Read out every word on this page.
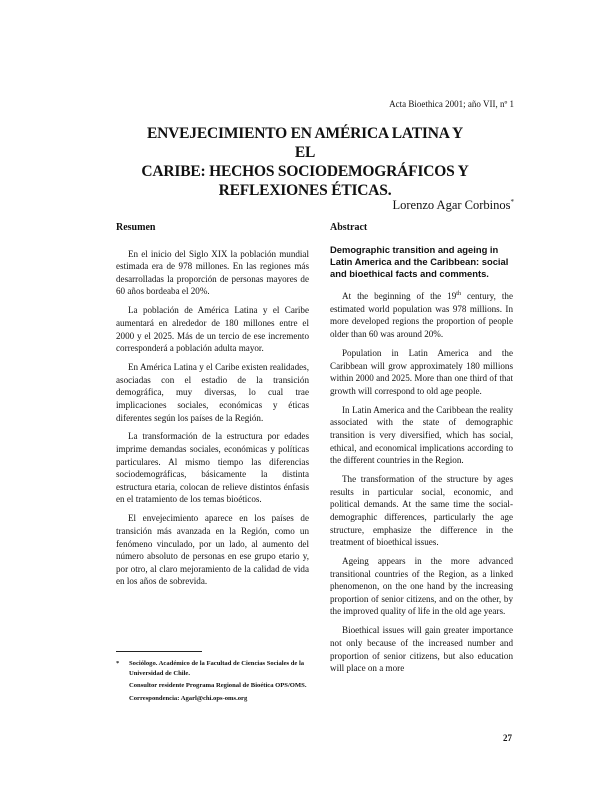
Acta Bioethica 2001; año VII, nº 1
ENVEJECIMIENTO EN AMÉRICA LATINA Y EL
CARIBE: HECHOS SOCIODEMOGRÁFICOS Y
REFLEXIONES ÉTICAS.
Lorenzo Agar Corbinos*
Resumen

En el inicio del Siglo XIX la población mundial estimada era de 978 millones. En las regiones más desarrolladas la proporción de personas mayores de 60 años bordeaba el 20%.

La población de América Latina y el Caribe aumentará en alrededor de 180 millones entre el 2000 y el 2025. Más de un tercio de ese incremento corresponderá a población adulta mayor.

En América Latina y el Caribe existen realidades, asociadas con el estadio de la transición demográfica, muy diversas, lo cual trae implicaciones sociales, económicas y éticas diferentes según los países de la Región.

La transformación de la estructura por edades imprime demandas sociales, económicas y políticas particulares. Al mismo tiempo las diferencias sociodemográficas, básicamente la distinta estructura etaria, colocan de relieve distintos énfasis en el tratamiento de los temas bioéticos.

El envejecimiento aparece en los países de transición más avanzada en la Región, como un fenómeno vinculado, por un lado, al aumento del número absoluto de personas en ese grupo etario y, por otro, al claro mejoramiento de la calidad de vida en los años de sobrevida.

Abstract
Demographic transition and ageing in Latin America and the Caribbean: social and bioethical facts and comments.

At the beginning of the 19th century, the estimated world population was 978 millions. In more developed regions the proportion of people older than 60 was around 20%.

Population in Latin America and the Caribbean will grow approximately 180 millions within 2000 and 2025. More than one third of that growth will correspond to old age people.

In Latin America and the Caribbean the reality associated with the state of demographic transition is very diversified, which has social, ethical, and economical implications according to the different countries in the Region.

The transformation of the structure by ages results in particular social, economic, and political demands. At the same time the social-demographic differences, particularly the age structure, emphasize the difference in the treatment of bioethical issues.

Ageing appears in the more advanced transitional countries of the Region, as a linked phenomenon, on the one hand by the increasing proportion of senior citizens, and on the other, by the improved quality of life in the old age years.

Bioethical issues will gain greater importance not only because of the increased number and proportion of senior citizens, but also education will place on a more

*	Sociólogo. Académico de la Facultad de Ciencias Sociales de la Universidad de Chile.

Consultor residente Programa Regional de Bioética OPS/OMS.

Correspondencia: Agarl@chi.ops-oms.org

27
